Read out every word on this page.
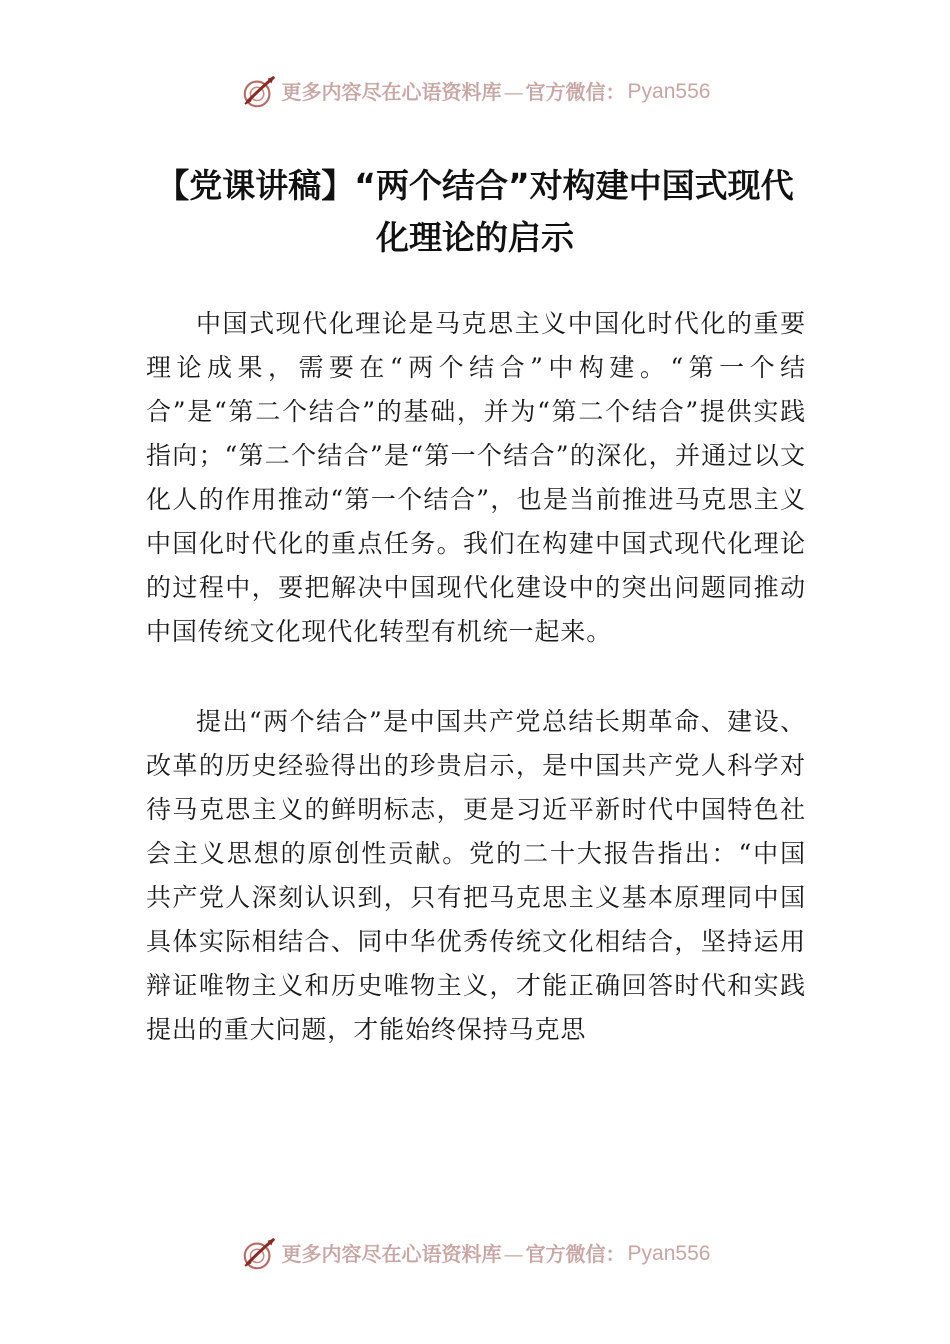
更多内容尽在心语资料库 — 官方微信： Pyan556
【党课讲稿】“两个结合”对构建中国式现代化理论的启示

中国式现代化理论是马克思主义中国化时代化的重要理论成果，需要在“两个结合”中构建。“第一个结合”是“第二个结合”的基础，并为“第二个结合”提供实践指向；“第二个结合”是“第一个结合”的深化，并通过以文化人的作用推动“第一个结合”，也是当前推进马克思主义中国化时代化的重点任务。我们在构建中国式现代化理论的过程中，要把解决中国现代化建设中的突出问题同推动中国传统文化现代化转型有机统一起来。

提出“两个结合”是中国共产党总结长期革命、建设、改革的历史经验得出的珍贵启示，是中国共产党人科学对待马克思主义的鲜明标志，更是习近平新时代中国特色社会主义思想的原创性贡献。党的二十大报告指出：“中国共产党人深刻认识到，只有把马克思主义基本原理同中国具体实际相结合、同中华优秀传统文化相结合，坚持运用辩证唯物主义和历史唯物主义，才能正确回答时代和实践提出的重大问题，才能始终保持马克思

更多内容尽在心语资料库 — 官方微信： Pyan556
